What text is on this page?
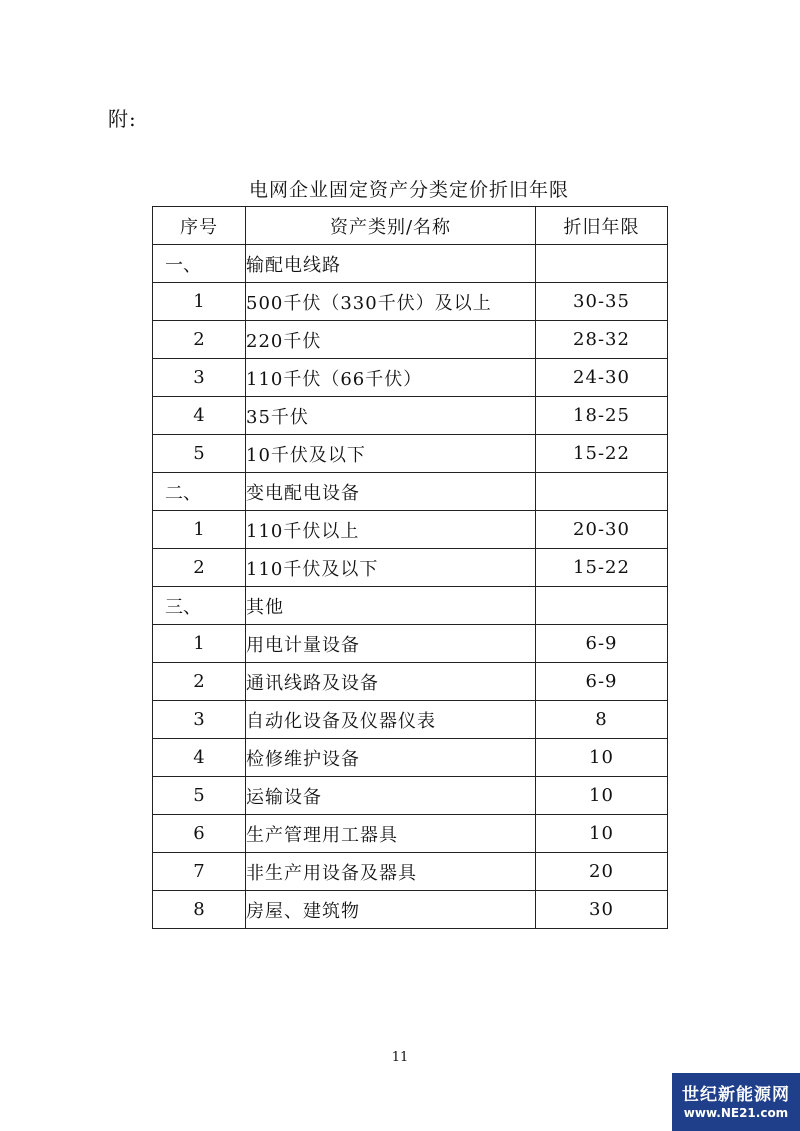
附:
电网企业固定资产分类定价折旧年限
序号	资产类别/名称	折旧年限
一、	输配电线路	
1	500千伏（330千伏）及以上	30-35
2	220千伏	28-32
3	110千伏（66千伏）	24-30
4	35千伏	18-25
5	10千伏及以下	15-22
二、	变电配电设备	
1	110千伏以上	20-30
2	110千伏及以下	15-22
三、	其他	
1	用电计量设备	6-9
2	通讯线路及设备	6-9
3	自动化设备及仪器仪表	8
4	检修维护设备	10
5	运输设备	10
6	生产管理用工器具	10
7	非生产用设备及器具	20
8	房屋、建筑物	30
11
世纪新能源网
www.NE21.com
